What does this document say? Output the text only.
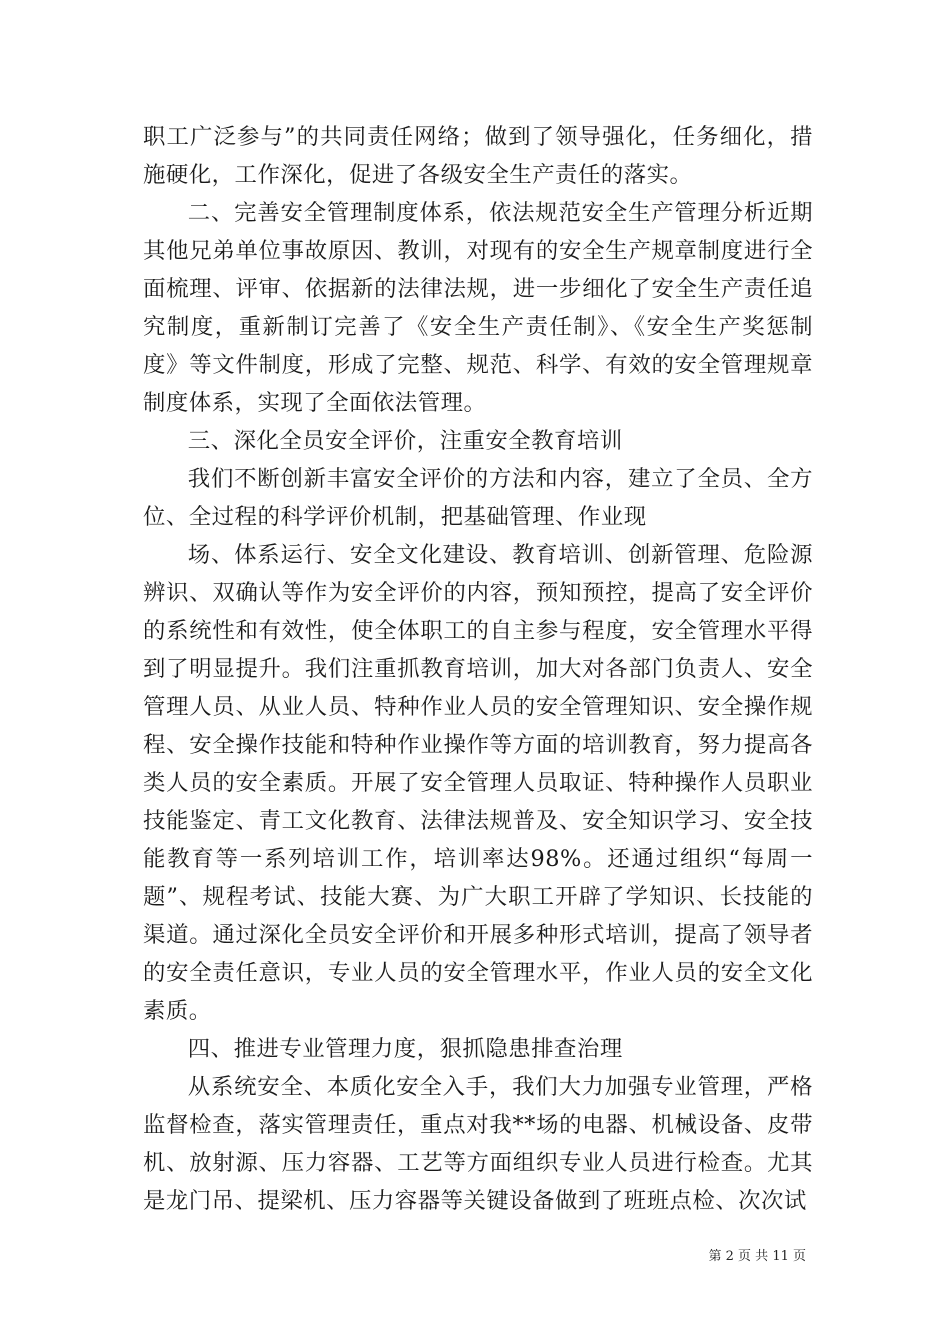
职工广泛参与”的共同责任网络；做到了领导强化，任务细化，措施硬化，工作深化，促进了各级安全生产责任的落实。

二、完善安全管理制度体系，依法规范安全生产管理分析近期其他兄弟单位事故原因、教训，对现有的安全生产规章制度进行全面梳理、评审、依据新的法律法规，进一步细化了安全生产责任追究制度，重新制订完善了《安全生产责任制》、《安全生产奖惩制度》等文件制度，形成了完整、规范、科学、有效的安全管理规章制度体系，实现了全面依法管理。

三、深化全员安全评价，注重安全教育培训

我们不断创新丰富安全评价的方法和内容，建立了全员、全方位、全过程的科学评价机制，把基础管理、作业现

场、体系运行、安全文化建设、教育培训、创新管理、危险源辨识、双确认等作为安全评价的内容，预知预控，提高了安全评价的系统性和有效性，使全体职工的自主参与程度，安全管理水平得到了明显提升。我们注重抓教育培训，加大对各部门负责人、安全管理人员、从业人员、特种作业人员的安全管理知识、安全操作规程、安全操作技能和特种作业操作等方面的培训教育，努力提高各类人员的安全素质。开展了安全管理人员取证、特种操作人员职业技能鉴定、青工文化教育、法律法规普及、安全知识学习、安全技能教育等一系列培训工作，培训率达98%。还通过组织“每周一题”、规程考试、技能大赛、为广大职工开辟了学知识、长技能的渠道。通过深化全员安全评价和开展多种形式培训，提高了领导者的安全责任意识，专业人员的安全管理水平，作业人员的安全文化素质。

四、推进专业管理力度，狠抓隐患排查治理

从系统安全、本质化安全入手，我们大力加强专业管理，严格监督检查，落实管理责任，重点对我**场的电器、机械设备、皮带机、放射源、压力容器、工艺等方面组织专业人员进行检查。尤其是龙门吊、提梁机、压力容器等关键设备做到了班班点检、次次试

第 2 页 共 11 页
